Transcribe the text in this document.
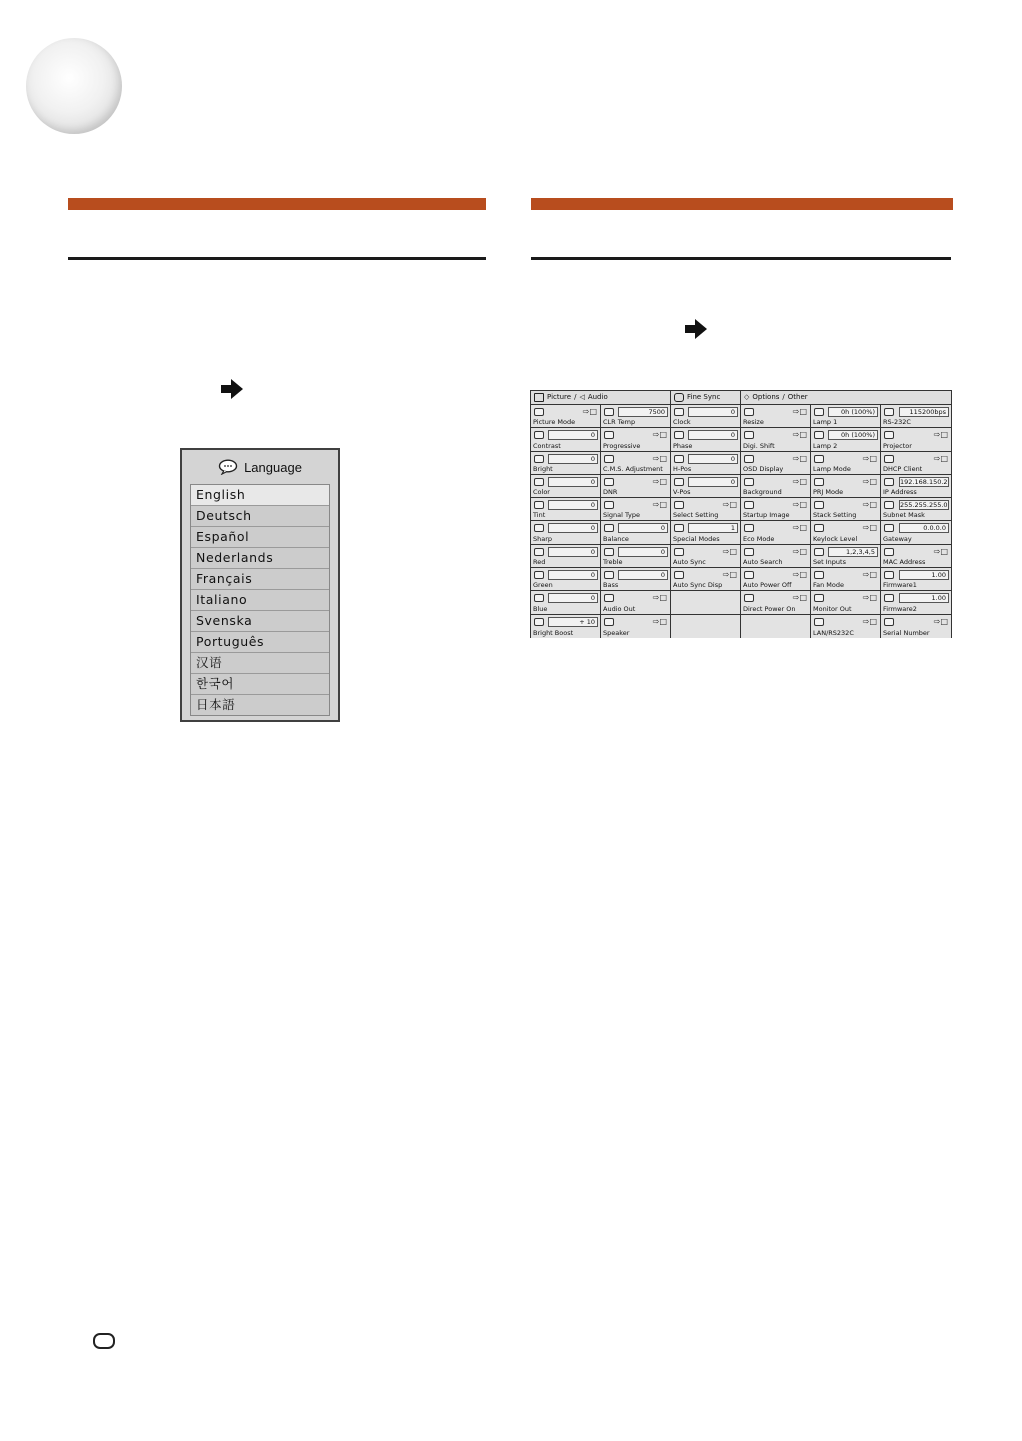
Language
English
Deutsch
Español
Nederlands
Français
Italiano
Svenska
Português
汉语
한국어
日本語
Picture / ◁ Audio	Fine Sync	◇ Options / Other
⇨□
Picture Mode
7500
CLR Temp
0
Clock
⇨□
Resize
0h (100%)
Lamp 1
115200bps
RS-232C
0
Contrast
⇨□
Progressive
0
Phase
⇨□
Digi. Shift
0h (100%)
Lamp 2
⇨□
Projector
0
Bright
⇨□
C.M.S. Adjustment
0
H-Pos
⇨□
OSD Display
⇨□
Lamp Mode
⇨□
DHCP Client
0
Color
⇨□
DNR
0
V-Pos
⇨□
Background
⇨□
PRJ Mode
192.168.150.2
IP Address
0
Tint
⇨□
Signal Type
⇨□
Select Setting
⇨□
Startup Image
⇨□
Stack Setting
255.255.255.0
Subnet Mask
0
Sharp
0
Balance
1
Special Modes
⇨□
Eco Mode
⇨□
Keylock Level
0.0.0.0
Gateway
0
Red
0
Treble
⇨□
Auto Sync
⇨□
Auto Search
1,2,3,4,5
Set Inputs
⇨□
MAC Address
0
Green
0
Bass
⇨□
Auto Sync Disp
⇨□
Auto Power Off
⇨□
Fan Mode
1.00
Firmware1
0
Blue
⇨□
Audio Out
⇨□
Direct Power On
⇨□
Monitor Out
1.00
Firmware2
+ 10
Bright Boost
⇨□
Speaker
⇨□
LAN/RS232C
⇨□
Serial Number
